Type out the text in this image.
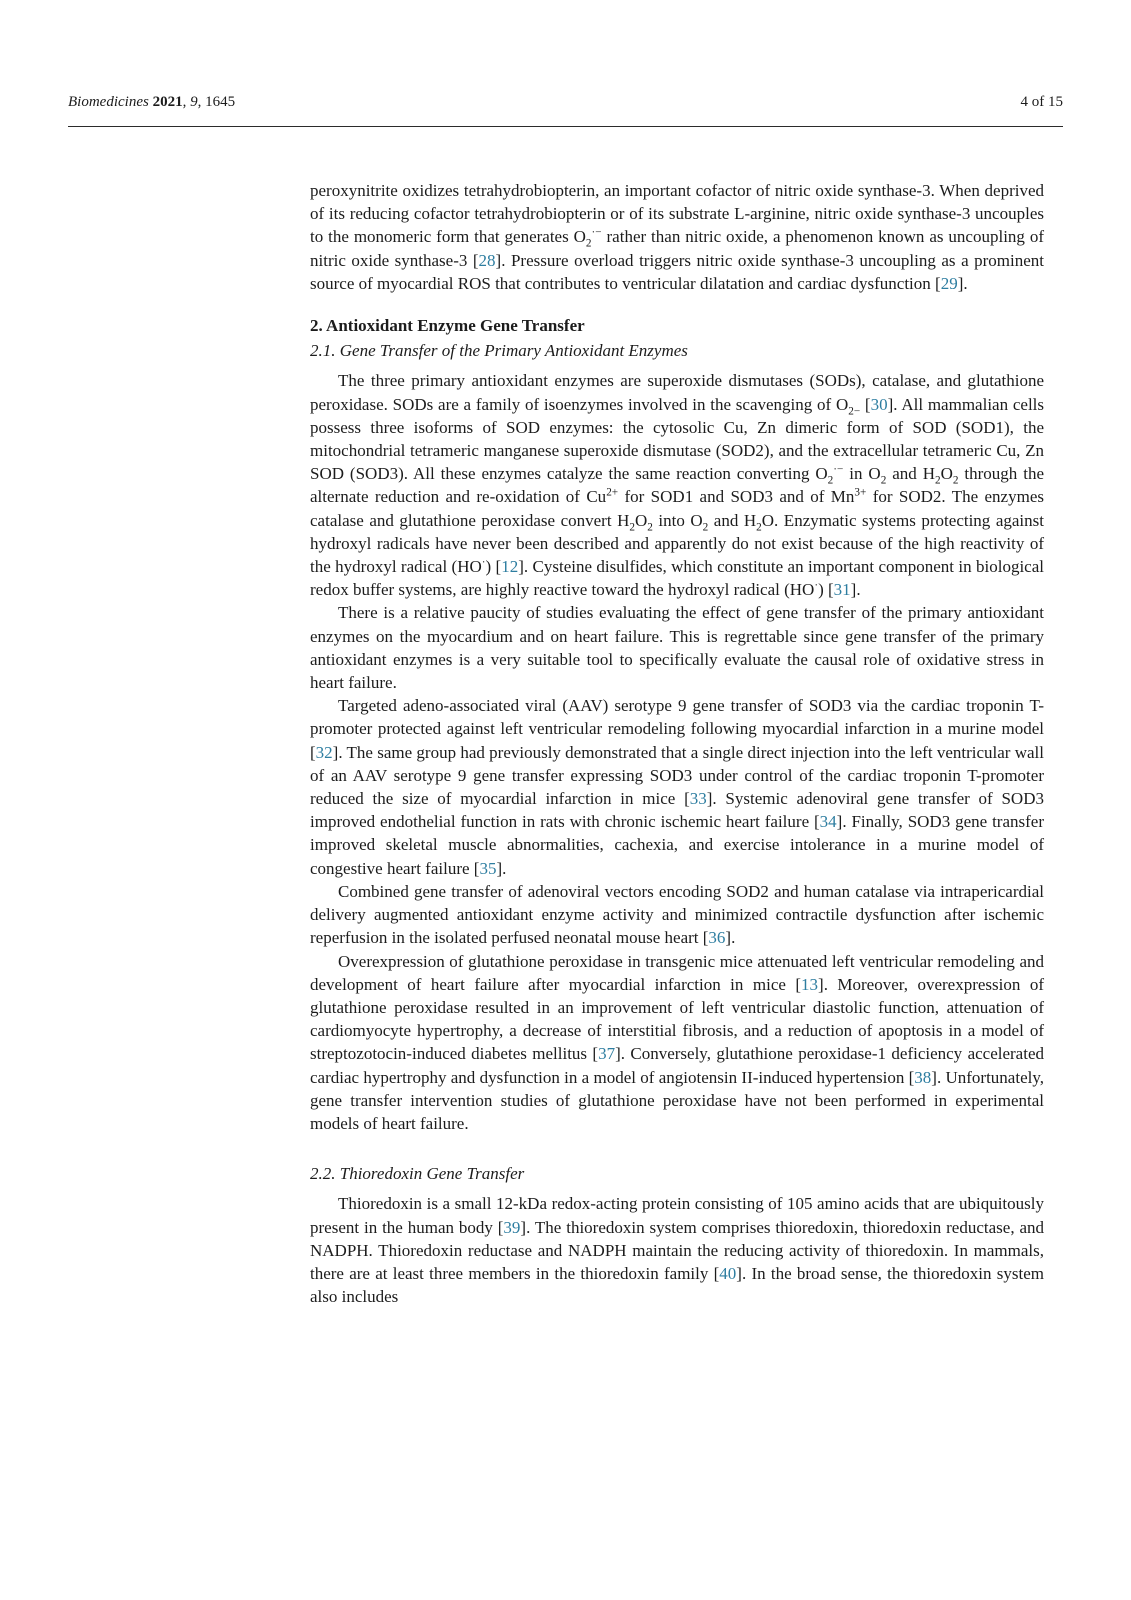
Biomedicines 2021, 9, 1645	4 of 15

peroxynitrite oxidizes tetrahydrobiopterin, an important cofactor of nitric oxide synthase-3. When deprived of its reducing cofactor tetrahydrobiopterin or of its substrate L-arginine, nitric oxide synthase-3 uncouples to the monomeric form that generates $O_2^{\cdot-}$ rather than nitric oxide, a phenomenon known as uncoupling of nitric oxide synthase-3 [28]. Pressure overload triggers nitric oxide synthase-3 uncoupling as a prominent source of myocardial ROS that contributes to ventricular dilatation and cardiac dysfunction [29].

2. Antioxidant Enzyme Gene Transfer
2.1. Gene Transfer of the Primary Antioxidant Enzymes

The three primary antioxidant enzymes are superoxide dismutases (SODs), catalase, and glutathione peroxidase. SODs are a family of isoenzymes involved in the scavenging of $O_{2-}$ [30]. All mammalian cells possess three isoforms of SOD enzymes: the cytosolic Cu, Zn dimeric form of SOD (SOD1), the mitochondrial tetrameric manganese superoxide dismutase (SOD2), and the extracellular tetrameric Cu, Zn SOD (SOD3). All these enzymes catalyze the same reaction converting $O_2^{\cdot-}$ in $O_2$ and $H_2O_2$ through the alternate reduction and re-oxidation of $Cu^{2+}$ for SOD1 and SOD3 and of $Mn^{3+}$ for SOD2. The enzymes catalase and glutathione peroxidase convert $H_2O_2$ into $O_2$ and $H_2O$. Enzymatic systems protecting against hydroxyl radicals have never been described and apparently do not exist because of the high reactivity of the hydroxyl radical (HO·) [12]. Cysteine disulfides, which constitute an important component in biological redox buffer systems, are highly reactive toward the hydroxyl radical (HO·) [31].

There is a relative paucity of studies evaluating the effect of gene transfer of the primary antioxidant enzymes on the myocardium and on heart failure. This is regrettable since gene transfer of the primary antioxidant enzymes is a very suitable tool to specifically evaluate the causal role of oxidative stress in heart failure.

Targeted adeno-associated viral (AAV) serotype 9 gene transfer of SOD3 via the cardiac troponin T-promoter protected against left ventricular remodeling following myocardial infarction in a murine model [32]. The same group had previously demonstrated that a single direct injection into the left ventricular wall of an AAV serotype 9 gene transfer expressing SOD3 under control of the cardiac troponin T-promoter reduced the size of myocardial infarction in mice [33]. Systemic adenoviral gene transfer of SOD3 improved endothelial function in rats with chronic ischemic heart failure [34]. Finally, SOD3 gene transfer improved skeletal muscle abnormalities, cachexia, and exercise intolerance in a murine model of congestive heart failure [35].

Combined gene transfer of adenoviral vectors encoding SOD2 and human catalase via intrapericardial delivery augmented antioxidant enzyme activity and minimized contractile dysfunction after ischemic reperfusion in the isolated perfused neonatal mouse heart [36].

Overexpression of glutathione peroxidase in transgenic mice attenuated left ventricular remodeling and development of heart failure after myocardial infarction in mice [13]. Moreover, overexpression of glutathione peroxidase resulted in an improvement of left ventricular diastolic function, attenuation of cardiomyocyte hypertrophy, a decrease of interstitial fibrosis, and a reduction of apoptosis in a model of streptozotocin-induced diabetes mellitus [37]. Conversely, glutathione peroxidase-1 deficiency accelerated cardiac hypertrophy and dysfunction in a model of angiotensin II-induced hypertension [38]. Unfortunately, gene transfer intervention studies of glutathione peroxidase have not been performed in experimental models of heart failure.

2.2. Thioredoxin Gene Transfer

Thioredoxin is a small 12-kDa redox-acting protein consisting of 105 amino acids that are ubiquitously present in the human body [39]. The thioredoxin system comprises thioredoxin, thioredoxin reductase, and NADPH. Thioredoxin reductase and NADPH maintain the reducing activity of thioredoxin. In mammals, there are at least three members in the thioredoxin family [40]. In the broad sense, the thioredoxin system also includes
